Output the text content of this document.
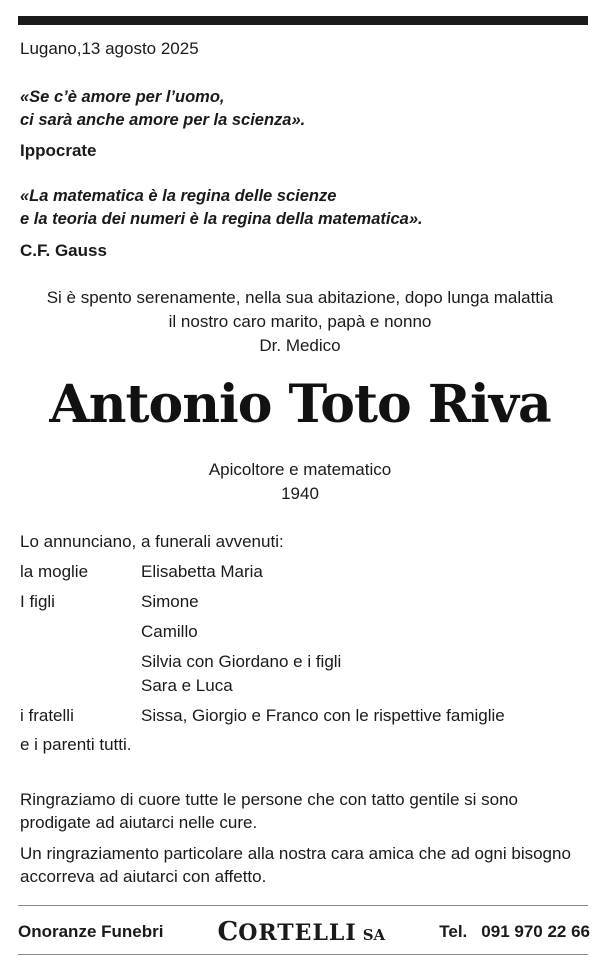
Lugano,13 agosto 2025
«Se c’è amore per l’uomo,
ci sarà anche amore per la scienza».
Ippocrate
«La matematica è la regina delle scienze
e la teoria dei numeri è la regina della matematica».
C.F. Gauss
Si è spento serenamente, nella sua abitazione, dopo lunga malattia
il nostro caro marito, papà e nonno
Dr. Medico
Antonio Toto Riva
Apicoltore e matematico
1940
Lo annunciano, a funerali avvenuti:
la moglie	Elisabetta Maria
I figli	Simone
Camillo
Silvia con Giordano e i figli
Sara e Luca
i fratelli	Sissa, Giorgio e Franco con le rispettive famiglie
e i parenti tutti.
Ringraziamo di cuore tutte le persone che con tatto gentile si sono prodigate ad aiutarci nelle cure.
Un ringraziamento particolare alla nostra cara amica che ad ogni bisogno accorreva ad aiutarci con affetto.
Onoranze Funebri C ORTELLI SA	Tel. 091 970 22 66
